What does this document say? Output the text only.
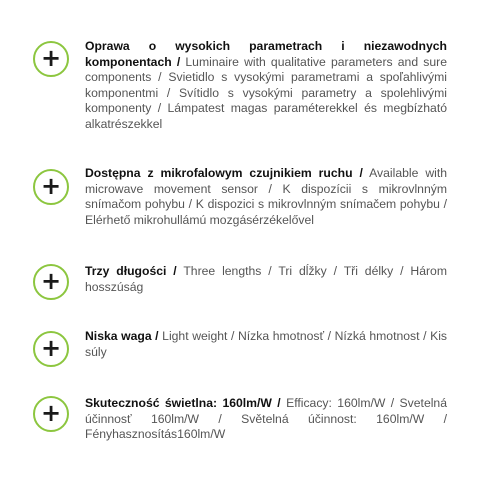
+ Oprawa o wysokich parametrach i niezawodnych komponentach / Luminaire with qualitative parameters and sure components / Svietidlo s vysokými parametrami a spoľahlivými komponentmi / Svítidlo s vysokými parametry a spolehlivými komponenty / Lámpatest magas paraméterekkel és megbízható alkatrészekkel
+ Dostępna z mikrofalowym czujnikiem ruchu / Available with microwave movement sensor / K dispozícii s mikrovlnným snímačom pohybu / K dispozici s mikrovlnným snímačem pohybu / Elérhető mikrohullámú mozgásérzékelővel
+ Trzy długości / Three lengths / Tri dĺžky / Tři délky / Három hosszúság
+ Niska waga / Light weight / Nízka hmotnosť / Nízká hmotnost / Kis súly
+ Skuteczność świetlna: 160lm/W / Efficacy: 160lm/W / Svetelná účinnosť 160lm/W / Světelná účinnost: 160lm/W / Fényhasznosítás160lm/W
